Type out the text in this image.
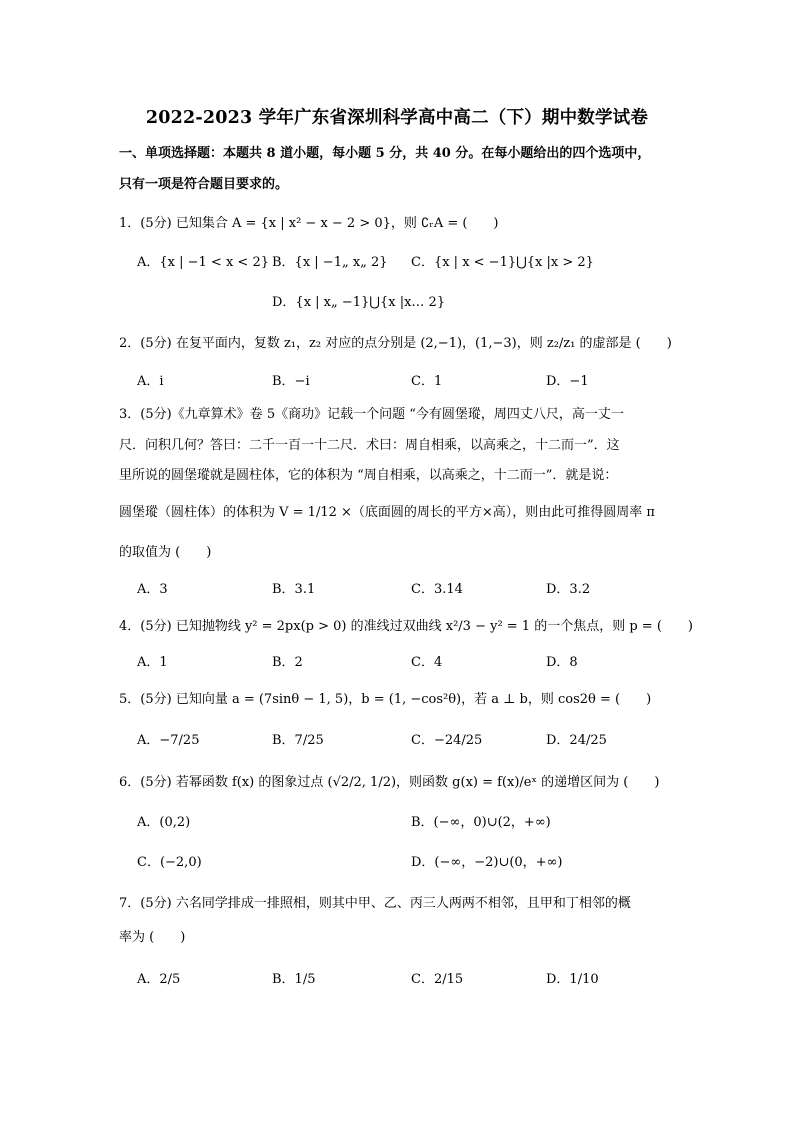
2022-2023 学年广东省深圳科学高中高二（下）期中数学试卷
一、单项选择题：本题共 8 道小题，每小题 5 分，共 40 分。在每小题给出的四个选项中，
只有一项是符合题目要求的。
1．(5分) 已知集合 A = {x | x² − x − 2 > 0}，则 ∁ᵣA = (　　)
A．{x | −1 < x < 2} B．{x | −1„ x„ 2} C．{x | x < −1}⋃{x |x > 2}
D．{x | x„ −1}⋃{x |x… 2}
2．(5分) 在复平面内，复数 z₁，z₂ 对应的点分别是 (2,−1)，(1,−3)，则 z₂/z₁ 的虚部是 (　　)
A．i	B．−i	C．1	D．−1
3．(5分)《九章算术》卷 5《商功》记载一个问题 “今有圆堡瑽，周四丈八尺，高一丈一
尺．问积几何？答曰：二千一百一十二尺．术曰：周自相乘，以高乘之，十二而一”．这
里所说的圆堡瑽就是圆柱体，它的体积为 “周自相乘，以高乘之，十二而一”．就是说：
圆堡瑽（圆柱体）的体积为 V = 1/12 ×（底面圆的周长的平方×高），则由此可推得圆周率 π
的取值为 (　　)
A．3	B．3.1	C．3.14	D．3.2
4．(5分) 已知抛物线 y² = 2px(p > 0) 的准线过双曲线 x²/3 − y² = 1 的一个焦点，则 p = (　　)
A．1	B．2	C．4	D．8
5．(5分) 已知向量 a = (7sinθ − 1, 5)，b = (1, −cos²θ)，若 a ⊥ b，则 cos2θ = (　　)
A．−7/25	B．7/25	C．−24/25	D．24/25
6．(5分) 若幂函数 f(x) 的图象过点 (√2/2, 1/2)，则函数 g(x) = f(x)/eˣ 的递增区间为 (　　)
A．(0,2)	B．(−∞，0)∪(2，+∞)
C．(−2,0)	D．(−∞，−2)∪(0，+∞)
7．(5分) 六名同学排成一排照相，则其中甲、乙、丙三人两两不相邻，且甲和丁相邻的概
率为 (　　)
A．2/5	B．1/5	C．2/15	D．1/10
